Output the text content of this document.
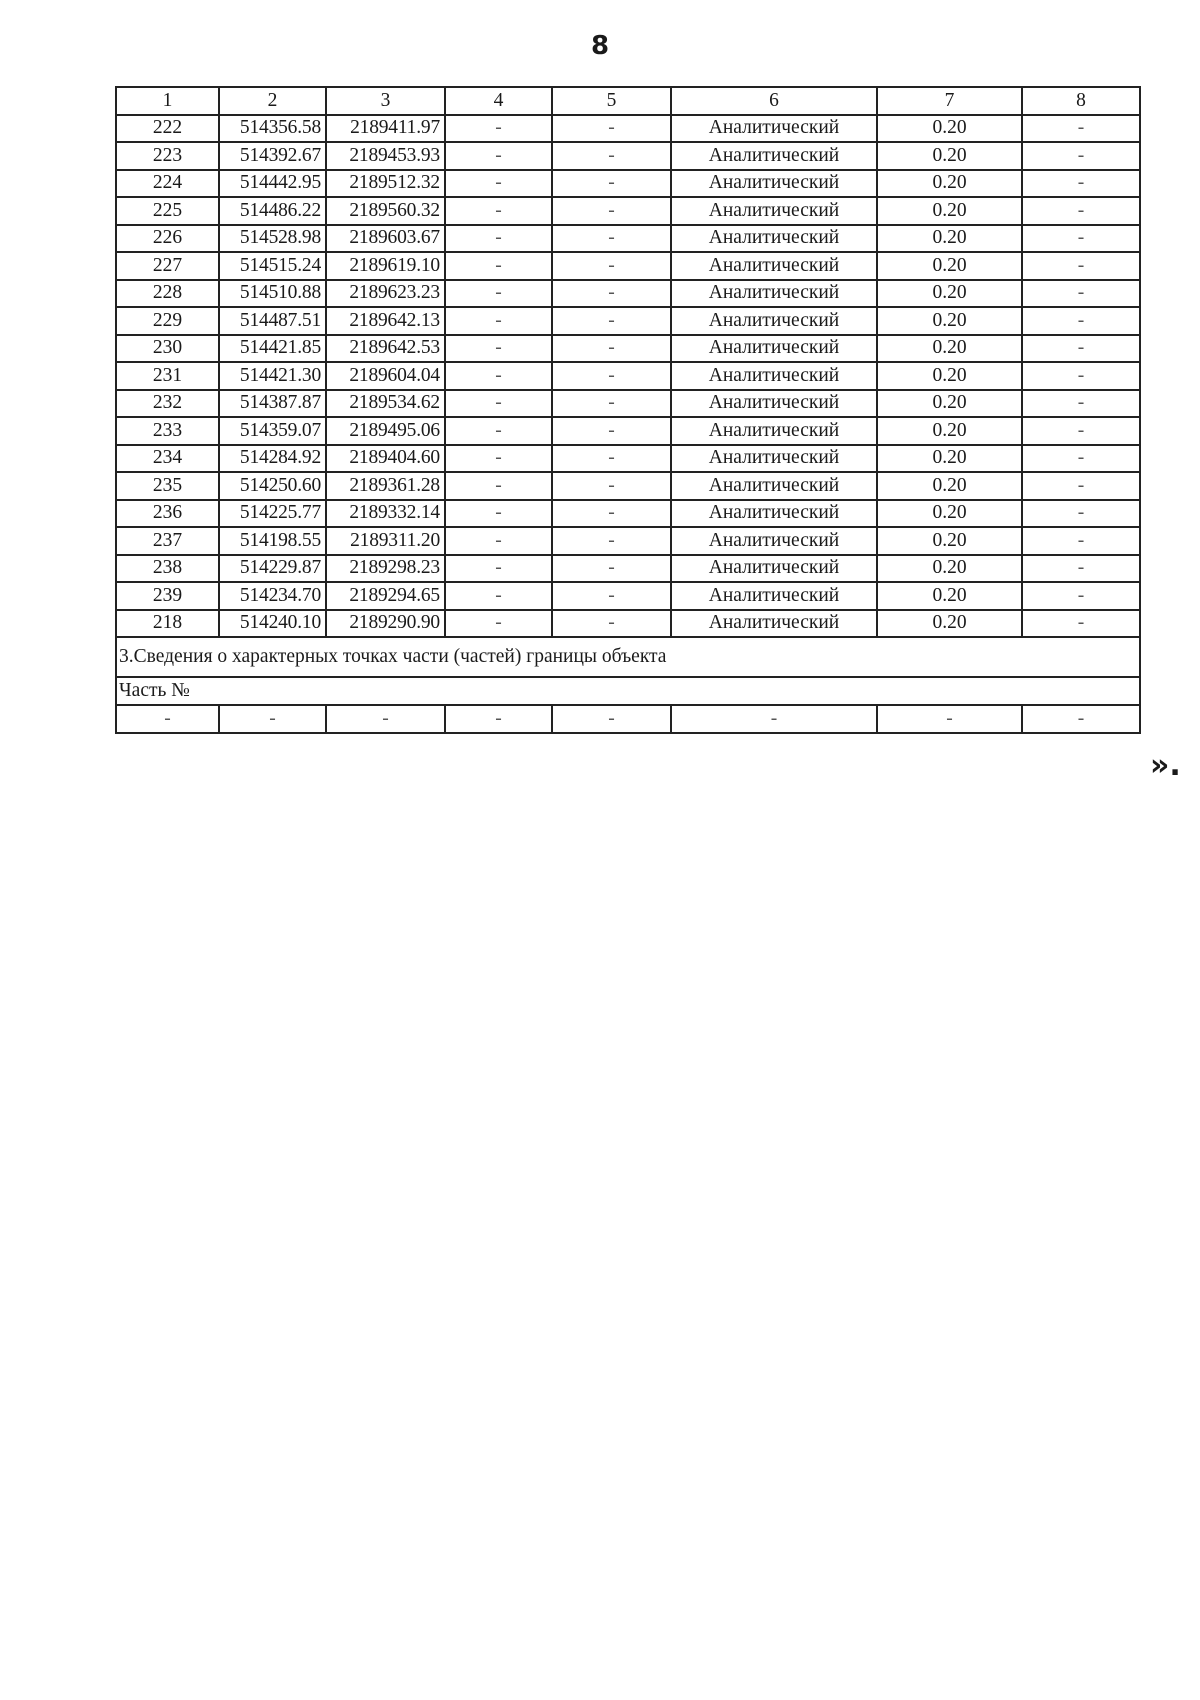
8
1	2	3	4	5	6	7	8
222	514356.58	2189411.97	-	-	Аналитический	0.20	-
223	514392.67	2189453.93	-	-	Аналитический	0.20	-
224	514442.95	2189512.32	-	-	Аналитический	0.20	-
225	514486.22	2189560.32	-	-	Аналитический	0.20	-
226	514528.98	2189603.67	-	-	Аналитический	0.20	-
227	514515.24	2189619.10	-	-	Аналитический	0.20	-
228	514510.88	2189623.23	-	-	Аналитический	0.20	-
229	514487.51	2189642.13	-	-	Аналитический	0.20	-
230	514421.85	2189642.53	-	-	Аналитический	0.20	-
231	514421.30	2189604.04	-	-	Аналитический	0.20	-
232	514387.87	2189534.62	-	-	Аналитический	0.20	-
233	514359.07	2189495.06	-	-	Аналитический	0.20	-
234	514284.92	2189404.60	-	-	Аналитический	0.20	-
235	514250.60	2189361.28	-	-	Аналитический	0.20	-
236	514225.77	2189332.14	-	-	Аналитический	0.20	-
237	514198.55	2189311.20	-	-	Аналитический	0.20	-
238	514229.87	2189298.23	-	-	Аналитический	0.20	-
239	514234.70	2189294.65	-	-	Аналитический	0.20	-
218	514240.10	2189290.90	-	-	Аналитический	0.20	-
3.Сведения о характерных точках части (частей) границы объекта							
Часть №							
-	-	-	-	-	-	-	-
».
